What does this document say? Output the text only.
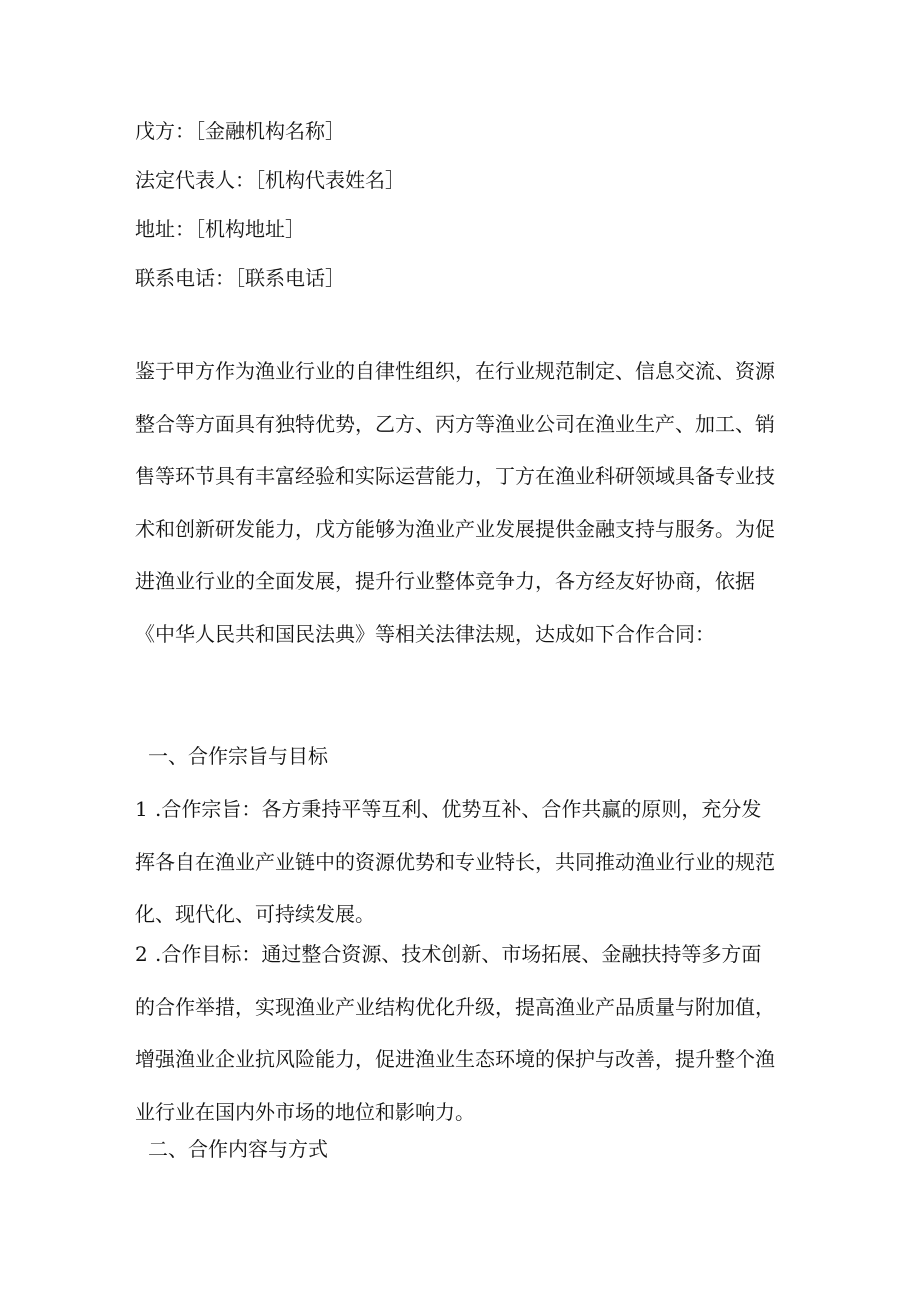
戊方：［金融机构名称］
法定代表人：［机构代表姓名］
地址：［机构地址］
联系电话：［联系电话］

鉴于甲方作为渔业行业的自律性组织，在行业规范制定、信息交流、资源整合等方面具有独特优势，乙方、丙方等渔业公司在渔业生产、加工、销售等环节具有丰富经验和实际运营能力，丁方在渔业科研领域具备专业技术和创新研发能力，戊方能够为渔业产业发展提供金融支持与服务。为促进渔业行业的全面发展，提升行业整体竞争力，各方经友好协商，依据《中华人民共和国民法典》等相关法律法规，达成如下合作合同：

一、合作宗旨与目标

1 .合作宗旨：各方秉持平等互利、优势互补、合作共赢的原则，充分发挥各自在渔业产业链中的资源优势和专业特长，共同推动渔业行业的规范化、现代化、可持续发展。

2 .合作目标：通过整合资源、技术创新、市场拓展、金融扶持等多方面的合作举措，实现渔业产业结构优化升级，提高渔业产品质量与附加值，增强渔业企业抗风险能力，促进渔业生态环境的保护与改善，提升整个渔业行业在国内外市场的地位和影响力。

二、合作内容与方式
